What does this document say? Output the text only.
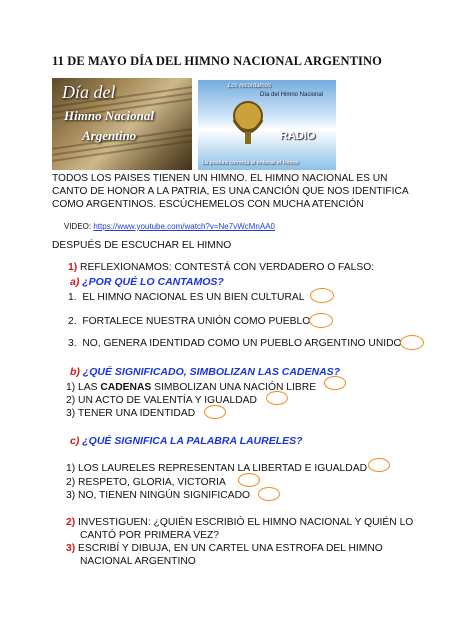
11 DE MAYO DÍA DEL HIMNO NACIONAL ARGENTINO
Día del
Himno Nacional
Argentino
Los recordamos
Día del Himno Nacional
RADIO
La postura correcta al entonar el Himno
TODOS LOS PAISES TIENEN UN HIMNO. EL HIMNO NACIONAL ES UN CANTO DE HONOR A LA PATRIA, ES UNA CANCIÓN QUE NOS IDENTIFICA COMO ARGENTINOS. ESCÚCHEMELOS CON MUCHA ATENCIÓN
VIDEO: https://www.youtube.com/watch?v=Ne7vWcMnAA0
DESPUÉS DE ESCUCHAR EL HIMNO
1) REFLEXIONAMOS: CONTESTÁ CON VERDADERO O FALSO:
a) ¿POR QUÉ LO CANTAMOS?
1. EL HIMNO NACIONAL ES UN BIEN CULTURAL
2. FORTALECE NUESTRA UNIÓN COMO PUEBLO
3. NO, GENERA IDENTIDAD COMO UN PUEBLO ARGENTINO UNIDO
b) ¿QUÉ SIGNIFICADO, SIMBOLIZAN LAS CADENAS?
1) LAS CADENAS SIMBOLIZAN UNA NACIÓN LIBRE
2) UN ACTO DE VALENTÍA Y IGUALDAD
3) TENER UNA IDENTIDAD
c) ¿QUÉ SIGNIFICA LA PALABRA LAURELES?
1) LOS LAURELES REPRESENTAN LA LIBERTAD E IGUALDAD
2) RESPETO, GLORIA, VICTORIA
3) NO, TIENEN NINGÚN SIGNIFICADO
2) INVESTIGUEN: ¿QUIÉN ESCRIBIÓ EL HIMNO NACIONAL Y QUIÉN LO
CANTÓ POR PRIMERA VEZ?
3) ESCRIBÍ Y DIBUJA, EN UN CARTEL UNA ESTROFA DEL HIMNO
NACIONAL ARGENTINO
